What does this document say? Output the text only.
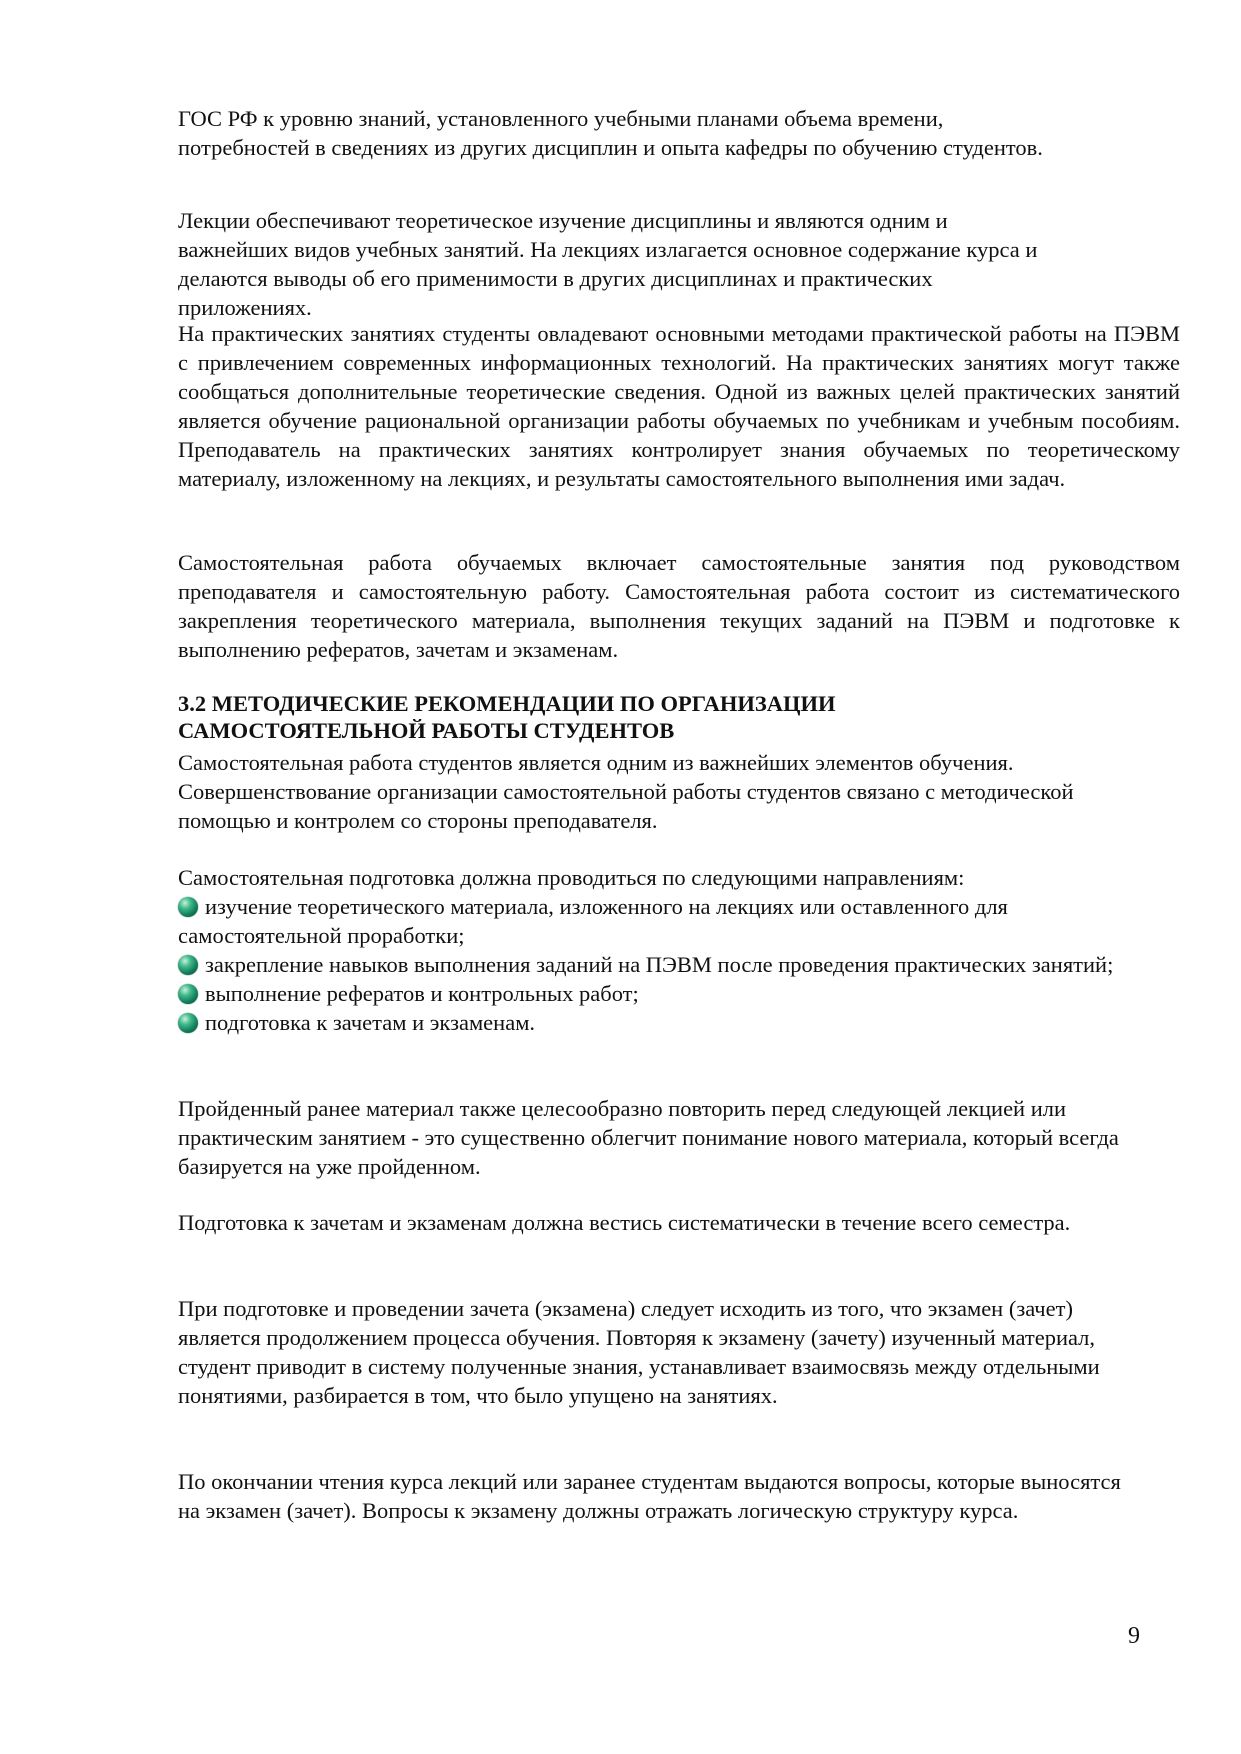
ГОС РФ к уровню знаний, установленного учебными планами объема времени, потребностей в сведениях из других дисциплин и опыта кафедры по обучению студентов.

Лекции обеспечивают теоретическое изучение дисциплины и являются одним и важнейших видов учебных занятий. На лекциях излагается основное содержание курса и делаются выводы об его применимости в других дисциплинах и практических приложениях.

На практических занятиях студенты овладевают основными методами практической работы на ПЭВМ с привлечением современных информационных технологий. На практических занятиях могут также сообщаться дополнительные теоретические сведения. Одной из важных целей практических занятий является обучение рациональной организации работы обучаемых по учебникам и учебным пособиям. Преподаватель на практических занятиях контролирует знания обучаемых по теоретическому материалу, изложенному на лекциях, и результаты самостоятельного выполнения ими задач.

Самостоятельная работа обучаемых включает самостоятельные занятия под руководством преподавателя и самостоятельную работу. Самостоятельная работа состоит из систематического закрепления теоретического материала, выполнения текущих заданий на ПЭВМ и подготовке к выполнению рефератов, зачетам и экзаменам.

3.2 МЕТОДИЧЕСКИЕ РЕКОМЕНДАЦИИ ПО ОРГАНИЗАЦИИ
САМОСТОЯТЕЛЬНОЙ РАБОТЫ СТУДЕНТОВ

Самостоятельная работа студентов является одним из важнейших элементов обучения. Совершенствование организации самостоятельной работы студентов связано с методической помощью и контролем со стороны преподавателя.

Самостоятельная подготовка должна проводиться по следующими направлениям:

изучение теоретического материала, изложенного на лекциях или оставленного для самостоятельной проработки;
закрепление навыков выполнения заданий на ПЭВМ после проведения практических занятий;
выполнение рефератов и контрольных работ;
подготовка к зачетам и экзаменам.

Пройденный ранее материал также целесообразно повторить перед следующей лекцией или практическим занятием - это существенно облегчит понимание нового материала, который всегда базируется на уже пройденном.

Подготовка к зачетам и экзаменам должна вестись систематически в течение всего семестра.

При подготовке и проведении зачета (экзамена) следует исходить из того, что экзамен (зачет) является продолжением процесса обучения. Повторяя к экзамену (зачету) изученный материал, студент приводит в систему полученные знания, устанавливает взаимосвязь между отдельными понятиями, разбирается в том, что было упущено на занятиях.

По окончании чтения курса лекций или заранее студентам выдаются вопросы, которые выносятся на экзамен (зачет). Вопросы к экзамену должны отражать логическую структуру курса.

9
